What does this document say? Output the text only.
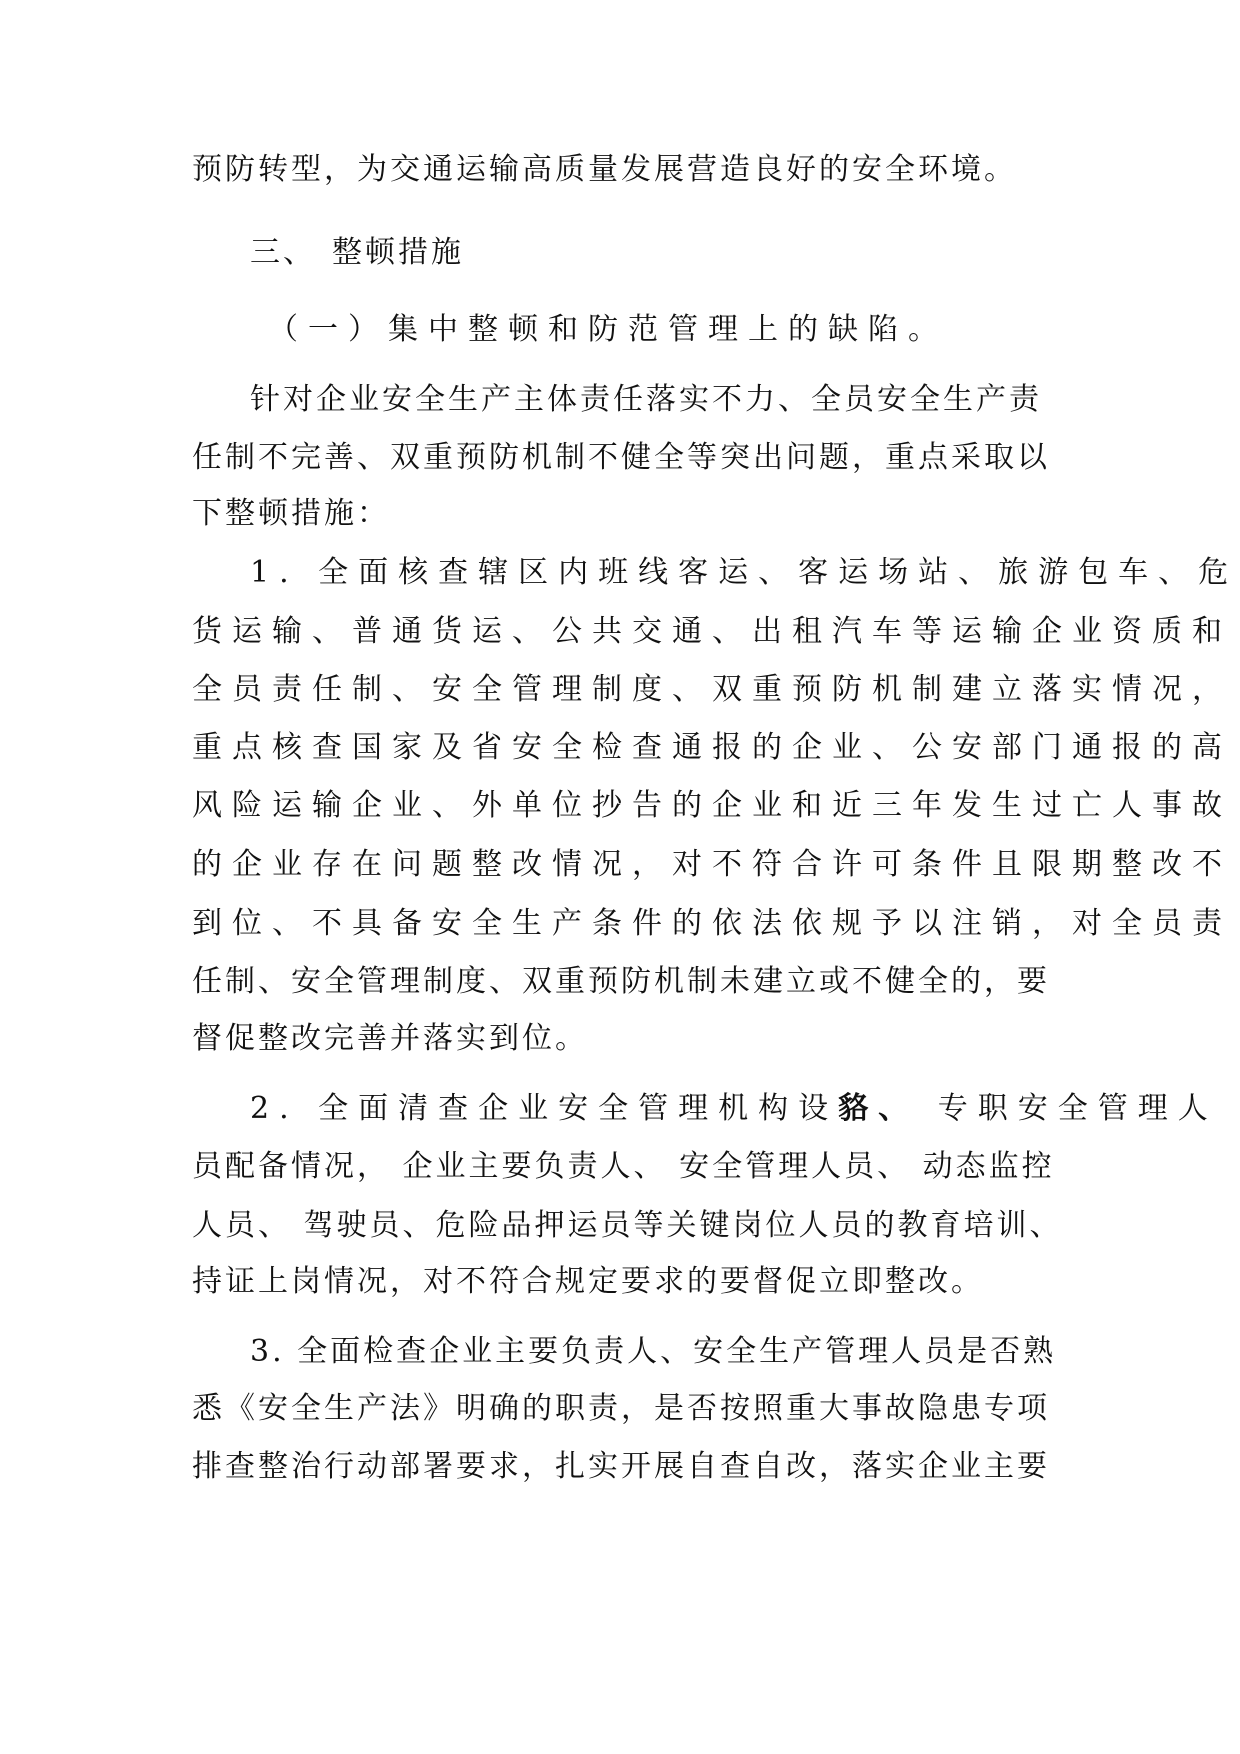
预防转型，为交通运输高质量发展营造良好的安全环境。

三、 整顿措施

（一）集中整顿和防范管理上的缺陷。

针对企业安全生产主体责任落实不力、全员安全生产责

任制不完善、双重预防机制不健全等突出问题，重点采取以

下整顿措施：

1. 全面核查辖区内班线客运、客运场站、旅游包车、危

货运输、普通货运、公共交通、出租汽车等运输企业资质和

全员责任制、安全管理制度、双重预防机制建立落实情况，

重点核查国家及省安全检查通报的企业、公安部门通报的高

风险运输企业、外单位抄告的企业和近三年发生过亡人事故

的企业存在问题整改情况，对不符合许可条件且限期整改不

到位、不具备安全生产条件的依法依规予以注销，对全员责

任制、安全管理制度、双重预防机制未建立或不健全的，要

督促整改完善并落实到位。

2. 全面清查企业安全管理机构设貉、 专职安全管理人

员配备情况， 企业主要负责人、 安全管理人员、 动态监控

人员、 驾驶员、危险品押运员等关键岗位人员的教育培训、

持证上岗情况，对不符合规定要求的要督促立即整改。

3. 全面检查企业主要负责人、安全生产管理人员是否熟

悉《安全生产法》明确的职责，是否按照重大事故隐患专项

排查整治行动部署要求，扎实开展自查自改，落实企业主要
